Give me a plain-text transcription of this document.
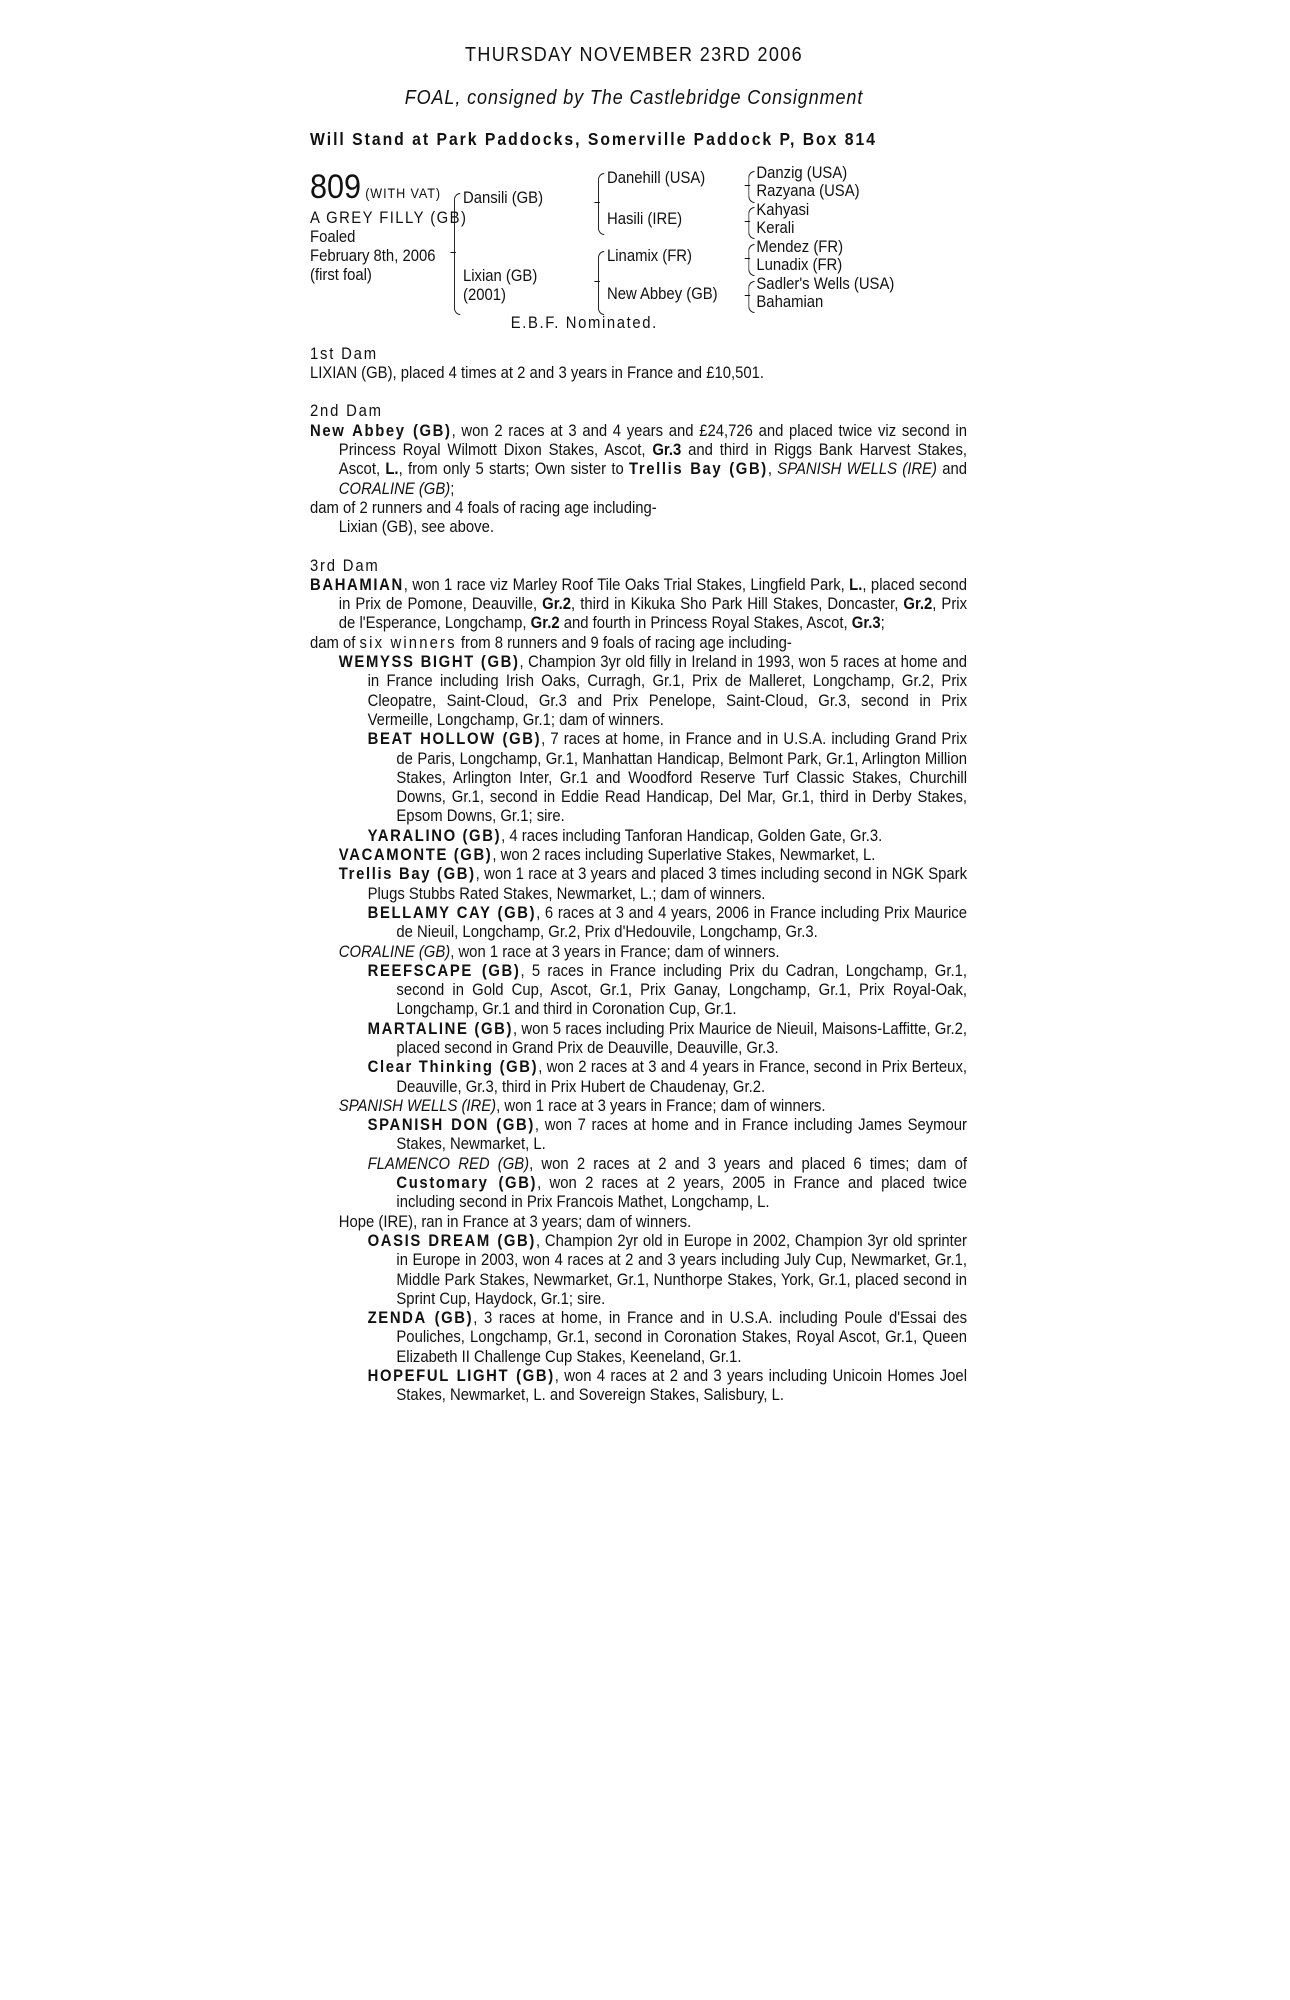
THURSDAY NOVEMBER 23RD 2006
FOAL, consigned by The Castlebridge Consignment
Will Stand at Park Paddocks, Somerville Paddock P, Box 814
809 (WITH VAT)
A GREY FILLY (GB)
Foaled
February 8th, 2006
(first foal)
Dansili (GB)
Lixian (GB)
(2001)
Danehill (USA)
Hasili (IRE)
Linamix (FR)
New Abbey (GB)
Danzig (USA)
Razyana (USA)
Kahyasi
Kerali
Mendez (FR)
Lunadix (FR)
Sadler's Wells (USA)
Bahamian
E.B.F. Nominated.
1st Dam
LIXIAN (GB), placed 4 times at 2 and 3 years in France and £10,501.
2nd Dam
New Abbey (GB), won 2 races at 3 and 4 years and £24,726 and placed twice viz second in Princess Royal Wilmott Dixon Stakes, Ascot, Gr.3 and third in Riggs Bank Harvest Stakes, Ascot, L., from only 5 starts; Own sister to Trellis Bay (GB), SPANISH WELLS (IRE) and CORALINE (GB);
dam of 2 runners and 4 foals of racing age including-
Lixian (GB), see above.
3rd Dam
BAHAMIAN, won 1 race viz Marley Roof Tile Oaks Trial Stakes, Lingfield Park, L., placed second in Prix de Pomone, Deauville, Gr.2, third in Kikuka Sho Park Hill Stakes, Doncaster, Gr.2, Prix de l'Esperance, Longchamp, Gr.2 and fourth in Princess Royal Stakes, Ascot, Gr.3;
dam of six winners from 8 runners and 9 foals of racing age including-
WEMYSS BIGHT (GB), Champion 3yr old filly in Ireland in 1993, won 5 races at home and in France including Irish Oaks, Curragh, Gr.1, Prix de Malleret, Longchamp, Gr.2, Prix Cleopatre, Saint-Cloud, Gr.3 and Prix Penelope, Saint-Cloud, Gr.3, second in Prix Vermeille, Longchamp, Gr.1; dam of winners.
BEAT HOLLOW (GB), 7 races at home, in France and in U.S.A. including Grand Prix de Paris, Longchamp, Gr.1, Manhattan Handicap, Belmont Park, Gr.1, Arlington Million Stakes, Arlington Inter, Gr.1 and Woodford Reserve Turf Classic Stakes, Churchill Downs, Gr.1, second in Eddie Read Handicap, Del Mar, Gr.1, third in Derby Stakes, Epsom Downs, Gr.1; sire.
YARALINO (GB), 4 races including Tanforan Handicap, Golden Gate, Gr.3.
VACAMONTE (GB), won 2 races including Superlative Stakes, Newmarket, L.
Trellis Bay (GB), won 1 race at 3 years and placed 3 times including second in NGK Spark Plugs Stubbs Rated Stakes, Newmarket, L.; dam of winners.
BELLAMY CAY (GB), 6 races at 3 and 4 years, 2006 in France including Prix Maurice de Nieuil, Longchamp, Gr.2, Prix d'Hedouvile, Longchamp, Gr.3.
CORALINE (GB), won 1 race at 3 years in France; dam of winners.
REEFSCAPE (GB), 5 races in France including Prix du Cadran, Longchamp, Gr.1, second in Gold Cup, Ascot, Gr.1, Prix Ganay, Longchamp, Gr.1, Prix Royal-Oak, Longchamp, Gr.1 and third in Coronation Cup, Gr.1.
MARTALINE (GB), won 5 races including Prix Maurice de Nieuil, Maisons-Laffitte, Gr.2, placed second in Grand Prix de Deauville, Deauville, Gr.3.
Clear Thinking (GB), won 2 races at 3 and 4 years in France, second in Prix Berteux, Deauville, Gr.3, third in Prix Hubert de Chaudenay, Gr.2.
SPANISH WELLS (IRE), won 1 race at 3 years in France; dam of winners.
SPANISH DON (GB), won 7 races at home and in France including James Seymour Stakes, Newmarket, L.
FLAMENCO RED (GB), won 2 races at 2 and 3 years and placed 6 times; dam of Customary (GB), won 2 races at 2 years, 2005 in France and placed twice including second in Prix Francois Mathet, Longchamp, L.
Hope (IRE), ran in France at 3 years; dam of winners.
OASIS DREAM (GB), Champion 2yr old in Europe in 2002, Champion 3yr old sprinter in Europe in 2003, won 4 races at 2 and 3 years including July Cup, Newmarket, Gr.1, Middle Park Stakes, Newmarket, Gr.1, Nunthorpe Stakes, York, Gr.1, placed second in Sprint Cup, Haydock, Gr.1; sire.
ZENDA (GB), 3 races at home, in France and in U.S.A. including Poule d'Essai des Pouliches, Longchamp, Gr.1, second in Coronation Stakes, Royal Ascot, Gr.1, Queen Elizabeth II Challenge Cup Stakes, Keeneland, Gr.1.
HOPEFUL LIGHT (GB), won 4 races at 2 and 3 years including Unicoin Homes Joel Stakes, Newmarket, L. and Sovereign Stakes, Salisbury, L.
